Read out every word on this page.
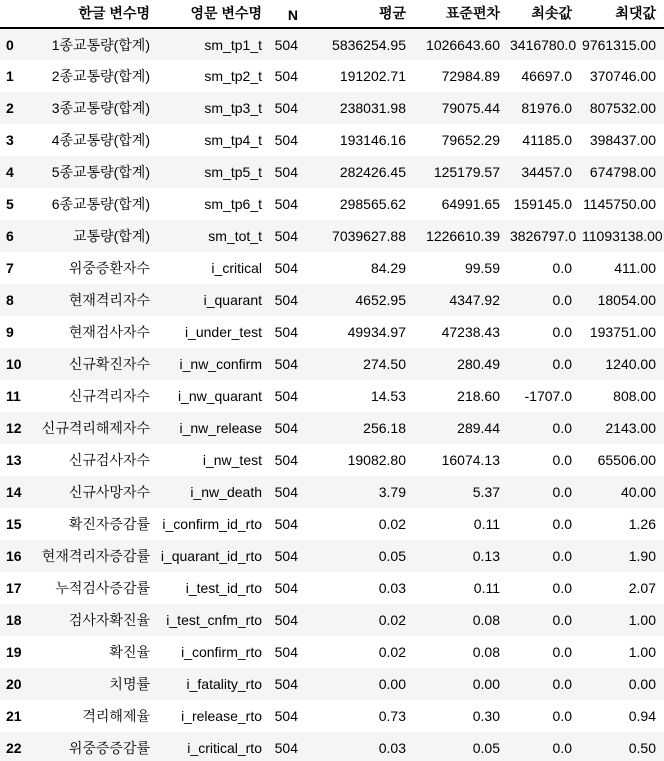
	한글 변수명	영문 변수명	N	평균	표준편차	최솟값	최댓값
0	1종교통량(합계)	sm_tp1_t	504	5836254.95	1026643.60	3416780.0	9761315.00
1	2종교통량(합계)	sm_tp2_t	504	191202.71	72984.89	46697.0	370746.00
2	3종교통량(합계)	sm_tp3_t	504	238031.98	79075.44	81976.0	807532.00
3	4종교통량(합계)	sm_tp4_t	504	193146.16	79652.29	41185.0	398437.00
4	5종교통량(합계)	sm_tp5_t	504	282426.45	125179.57	34457.0	674798.00
5	6종교통량(합계)	sm_tp6_t	504	298565.62	64991.65	159145.0	1145750.00
6	교통량(합계)	sm_tot_t	504	7039627.88	1226610.39	3826797.0	11093138.00
7	위중증환자수	i_critical	504	84.29	99.59	0.0	411.00
8	현재격리자수	i_quarant	504	4652.95	4347.92	0.0	18054.00
9	현재검사자수	i_under_test	504	49934.97	47238.43	0.0	193751.00
10	신규확진자수	i_nw_confirm	504	274.50	280.49	0.0	1240.00
11	신규격리자수	i_nw_quarant	504	14.53	218.60	-1707.0	808.00
12	신규격리해제자수	i_nw_release	504	256.18	289.44	0.0	2143.00
13	신규검사자수	i_nw_test	504	19082.80	16074.13	0.0	65506.00
14	신규사망자수	i_nw_death	504	3.79	5.37	0.0	40.00
15	확진자증감률	i_confirm_id_rto	504	0.02	0.11	0.0	1.26
16	현재격리자증감률	i_quarant_id_rto	504	0.05	0.13	0.0	1.90
17	누적검사증감률	i_test_id_rto	504	0.03	0.11	0.0	2.07
18	검사자확진율	i_test_cnfm_rto	504	0.02	0.08	0.0	1.00
19	확진율	i_confirm_rto	504	0.02	0.08	0.0	1.00
20	치명률	i_fatality_rto	504	0.00	0.00	0.0	0.00
21	격리해제율	i_release_rto	504	0.73	0.30	0.0	0.94
22	위중증증감률	i_critical_rto	504	0.03	0.05	0.0	0.50
